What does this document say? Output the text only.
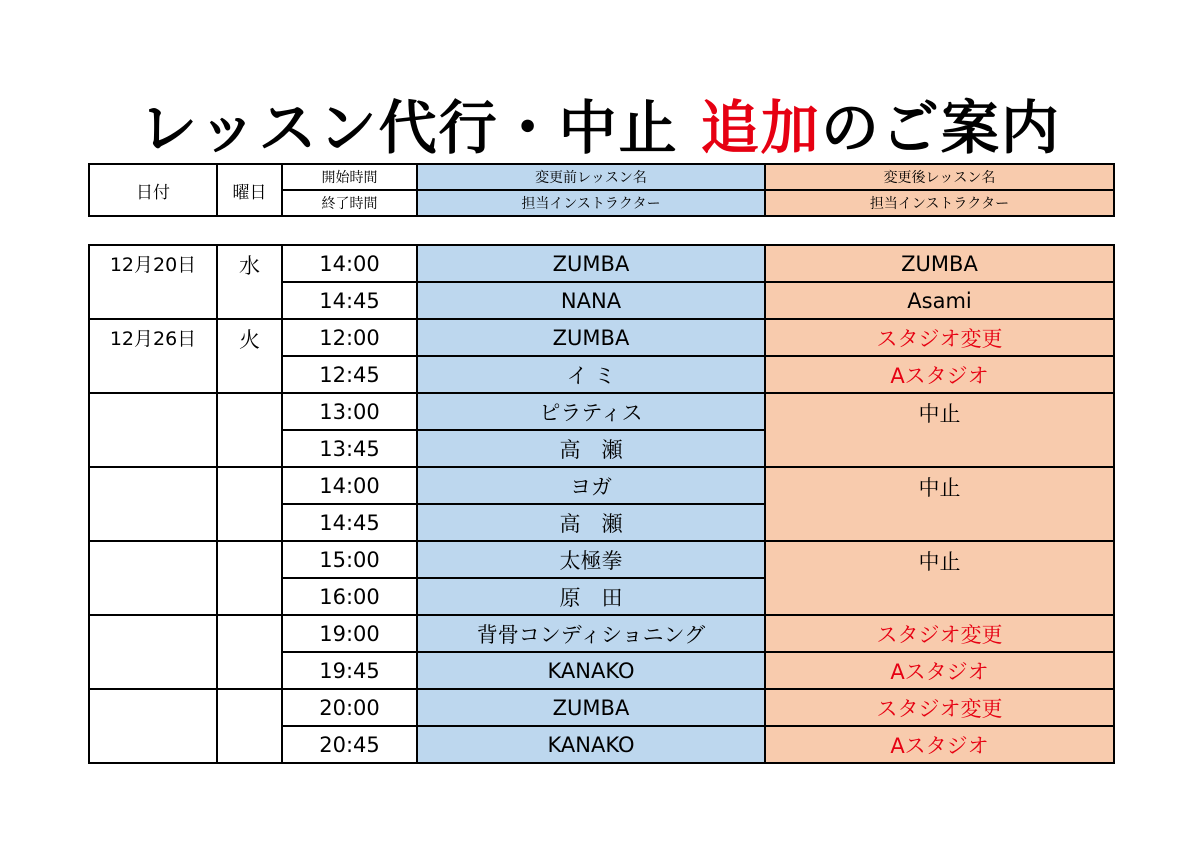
レッスン代行・中止 追加のご案内
日付	曜日	開始時間	変更前レッスン名	変更後レッスン名
		終了時間	担当インストラクター	担当インストラクター
12月20日	水	14:00	ZUMBA	ZUMBA
		14:45	NANA	Asami
12月26日	火	12:00	ZUMBA	スタジオ変更
		12:45	イ ミ	Aスタジオ
		13:00	ピラティス	中止
		13:45	高　瀬	
		14:00	ヨガ	中止
		14:45	高　瀬	
		15:00	太極拳	中止
		16:00	原　田	
		19:00	背骨コンディショニング	スタジオ変更
		19:45	KANAKO	Aスタジオ
		20:00	ZUMBA	スタジオ変更
		20:45	KANAKO	Aスタジオ
